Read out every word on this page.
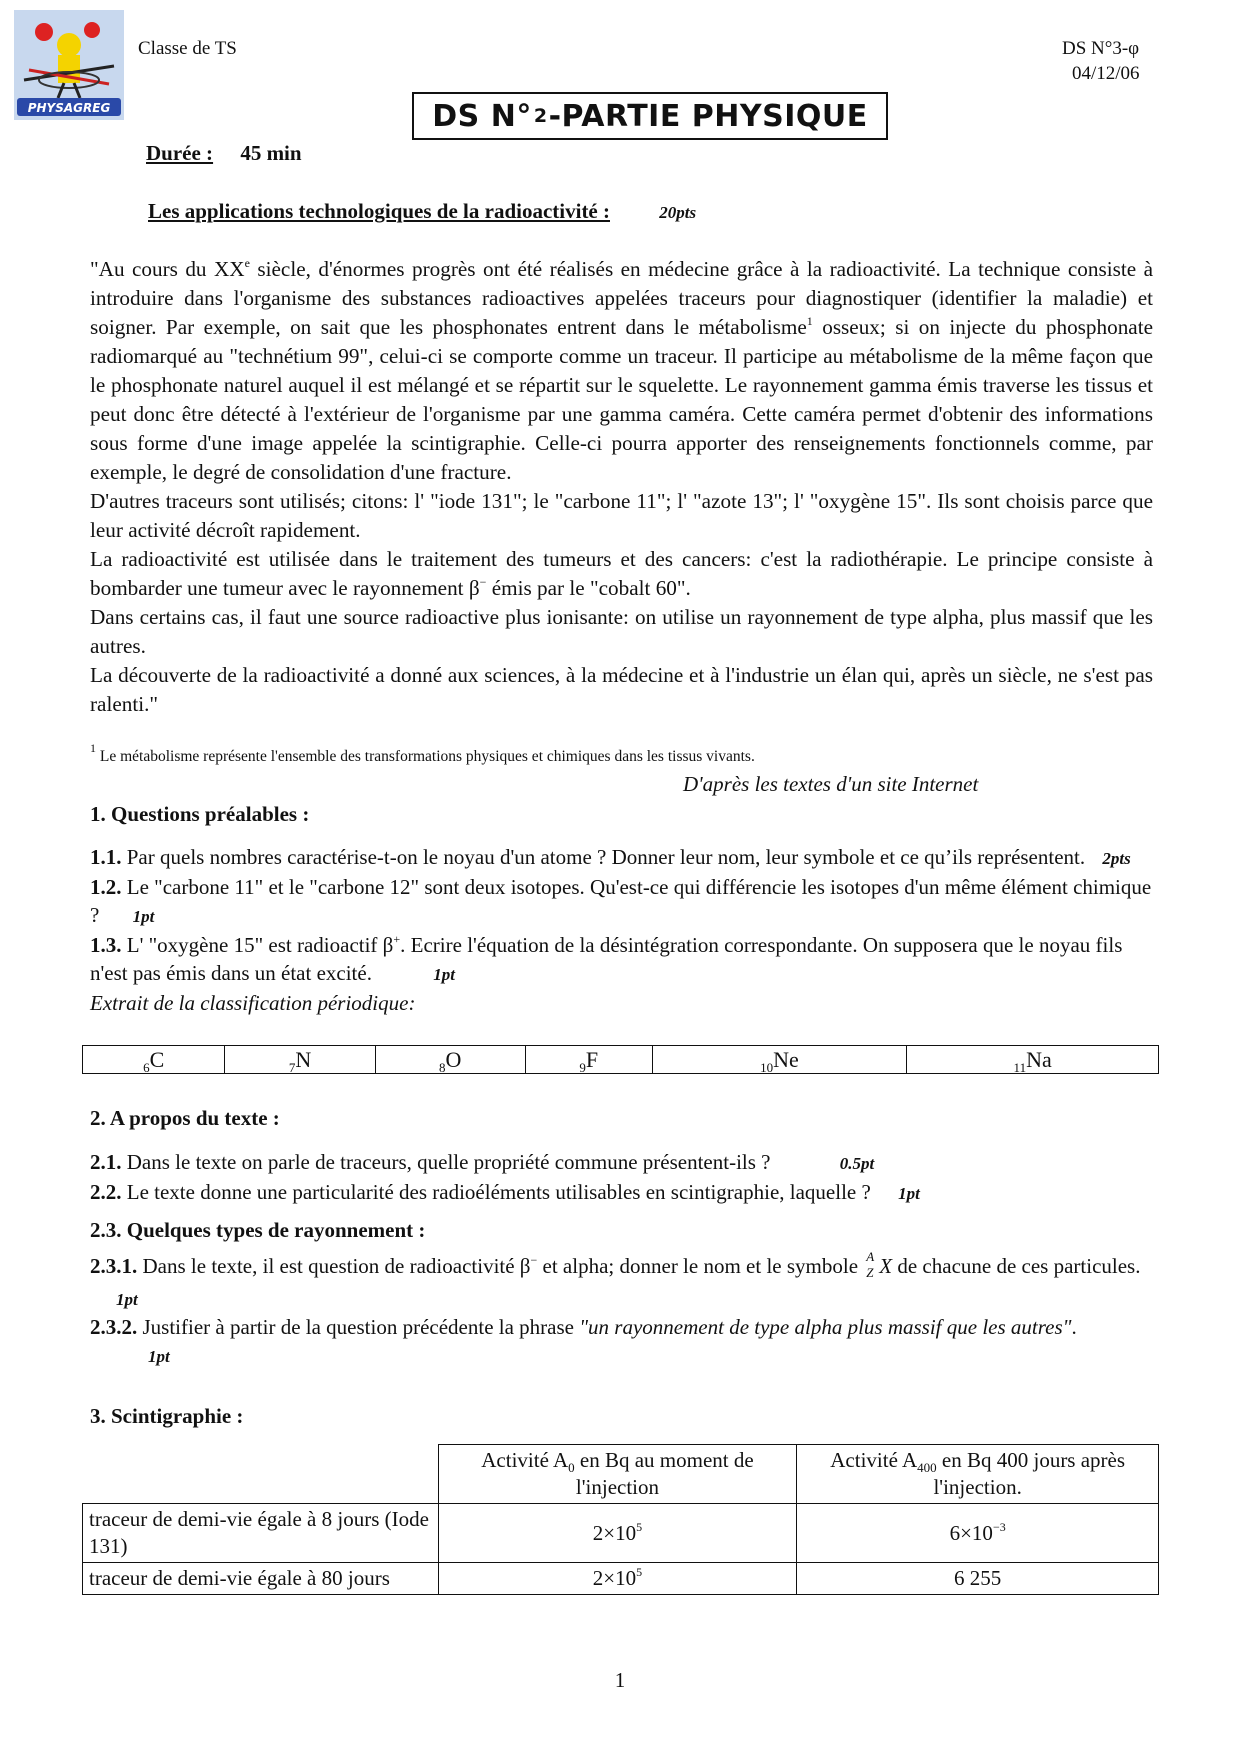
PHYSAGREG
Classe de TS	DS N°3-φ
04/12/06
DS N° 2 -PARTIE PHYSIQUE
Durée : 45 min
Les applications technologiques de la radioactivité :	20pts

"Au cours du XXe siècle, d'énormes progrès ont été réalisés en médecine grâce à la radioactivité. La technique consiste à introduire dans l'organisme des substances radioactives appelées traceurs pour diagnostiquer (identifier la maladie) et soigner. Par exemple, on sait que les phosphonates entrent dans le métabolisme$^1$ osseux; si on injecte du phosphonate radiomarqué au "technétium 99", celui-ci se comporte comme un traceur. Il participe au métabolisme de la même façon que le phosphonate naturel auquel il est mélangé et se répartit sur le squelette. Le rayonnement gamma émis traverse les tissus et peut donc être détecté à l'extérieur de l'organisme par une gamma caméra. Cette caméra permet d'obtenir des informations sous forme d'une image appelée la scintigraphie. Celle-ci pourra apporter des renseignements fonctionnels comme, par exemple, le degré de consolidation d'une fracture.

D'autres traceurs sont utilisés; citons: l' "iode 131"; le "carbone 11"; l' "azote 13"; l' "oxygène 15". Ils sont choisis parce que leur activité décroît rapidement.

La radioactivité est utilisée dans le traitement des tumeurs et des cancers: c'est la radiothérapie. Le principe consiste à bombarder une tumeur avec le rayonnement β− émis par le "cobalt 60".

Dans certains cas, il faut une source radioactive plus ionisante: on utilise un rayonnement de type alpha, plus massif que les autres.

La découverte de la radioactivité a donné aux sciences, à la médecine et à l'industrie un élan qui, après un siècle, ne s'est pas ralenti."

$^1$ Le métabolisme représente l'ensemble des transformations physiques et chimiques dans les tissus vivants.
D'après les textes d'un site Internet
1. Questions préalables :

1.1. Par quels nombres caractérise-t-on le noyau d'un atome ? Donner leur nom, leur symbole et ce qu’ils représentent. 2pts

1.2. Le "carbone 11" et le "carbone 12" sont deux isotopes. Qu'est-ce qui différencie les isotopes d'un même élément chimique ? 1pt

1.3. L' "oxygène 15" est radioactif β+. Ecrire l'équation de la désintégration correspondante. On supposera que le noyau fils n'est pas émis dans un état excité.	1pt

Extrait de la classification périodique:

$_6$C	$_7$N	$_8$O	$_9$F	$_{10}$Ne	$_{11}$Na
2. A propos du texte :

2.1. Dans le texte on parle de traceurs, quelle propriété commune présentent-ils ?	0.5pt

2.2. Le texte donne une particularité des radioéléments utilisables en scintigraphie, laquelle ? 1pt

2.3. Quelques types de rayonnement :

2.3.1. Dans le texte, il est question de radioactivité β− et alpha; donner le nom et le symbole A
Z X de chacune de ces particules. 1pt

2.3.2. Justifier à partir de la question précédente la phrase "un rayonnement de type alpha plus massif que les autres". 1pt

3. Scintigraphie :
	Activité $A_0$ en Bq au moment de l'injection	Activité $A_{400}$ en Bq 400 jours après l'injection.
traceur de demi-vie égale à 8 jours (Iode 131)	$2\times 10^5$	$6\times 10^{-3}$
traceur de demi-vie égale à 80 jours	$2\times 10^5$	6 255
1
